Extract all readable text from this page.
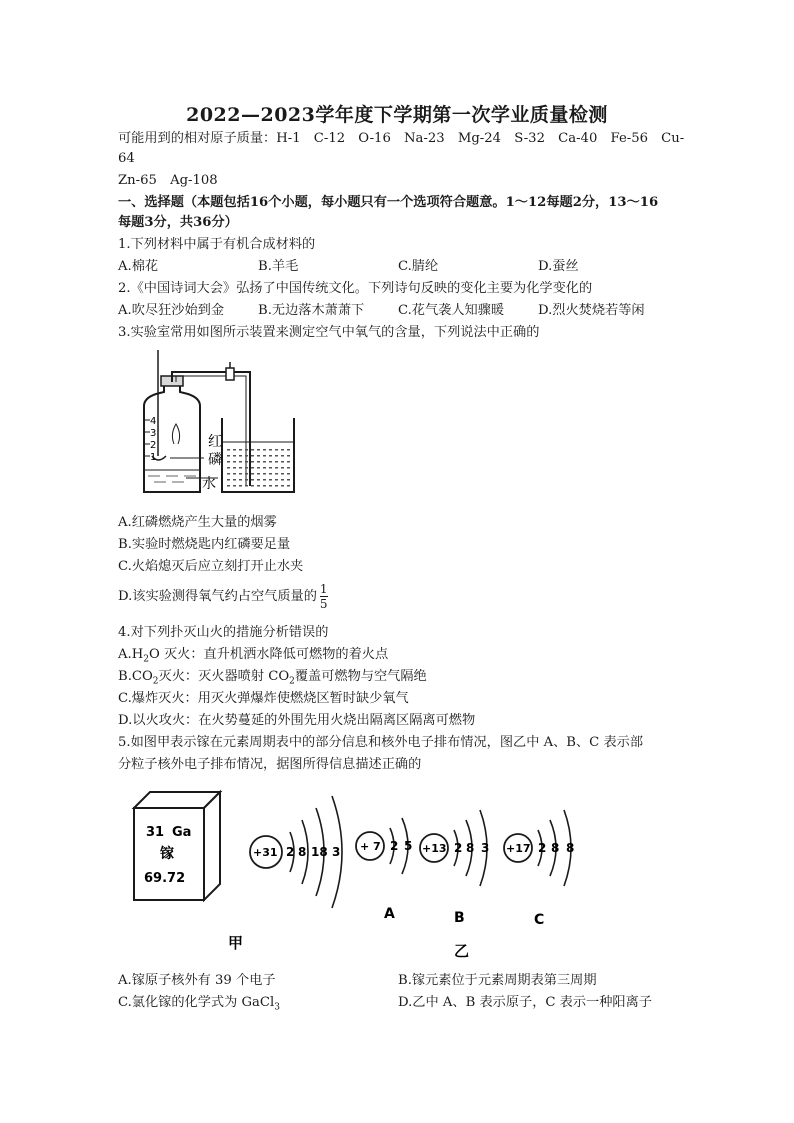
2022—2023学年度下学期第一次学业质量检测
可能用到的相对原子质量：H-1　C-12　O-16　Na-23　Mg-24　S-32　Ca-40　Fe-56　Cu-
64
Zn-65　Ag-108
一、选择题（本题包括16个小题，每小题只有一个选项符合题意。1～12每题2分，13～16
每题3分，共36分）
1.下列材料中属于有机合成材料的
A.棉花	B.羊毛	C.腈纶	D.蚕丝
2.《中国诗词大会》弘扬了中国传统文化。下列诗句反映的变化主要为化学变化的
A.吹尽狂沙始到金	B.无边落木萧萧下	C.花气袭人知骤暖	D.烈火焚烧若等闲
3.实验室常用如图所示装置来测定空气中氧气的含量，下列说法中正确的
4
3
2
1
红
磷
水
A.红磷燃烧产生大量的烟雾
B.实验时燃烧匙内红磷要足量
C.火焰熄灭后应立刻打开止水夹
D.该实验测得氧气约占空气质量的 $\frac{1}{5}$
4.对下列扑灭山火的措施分析错误的
$A.H_2O$ 灭火：直升机洒水降低可燃物的着火点
$B.CO_2$灭火：灭火器喷射 $CO_2$覆盖可燃物与空气隔绝
C.爆炸灭火：用灭火弹爆炸使燃烧区暂时缺少氧气
D.以火攻火：在火势蔓延的外围先用火烧出隔离区隔离可燃物
5.如图甲表示镓在元素周期表中的部分信息和核外电子排布情况，图乙中 A、B、C 表示部
分粒子核外电子排布情况，据图所得信息描述正确的
31 Ga
镓
69.72
+31 2 8 18 3 + 7 2 5 +13 2 8 3 +17 2 8 8
A	B	C
甲	乙
A.镓原子核外有 39 个电子	B.镓元素位于元素周期表第三周期
C.氯化镓的化学式为 GaCl$_3$	D.乙中 A、B 表示原子，C 表示一种阳离子
